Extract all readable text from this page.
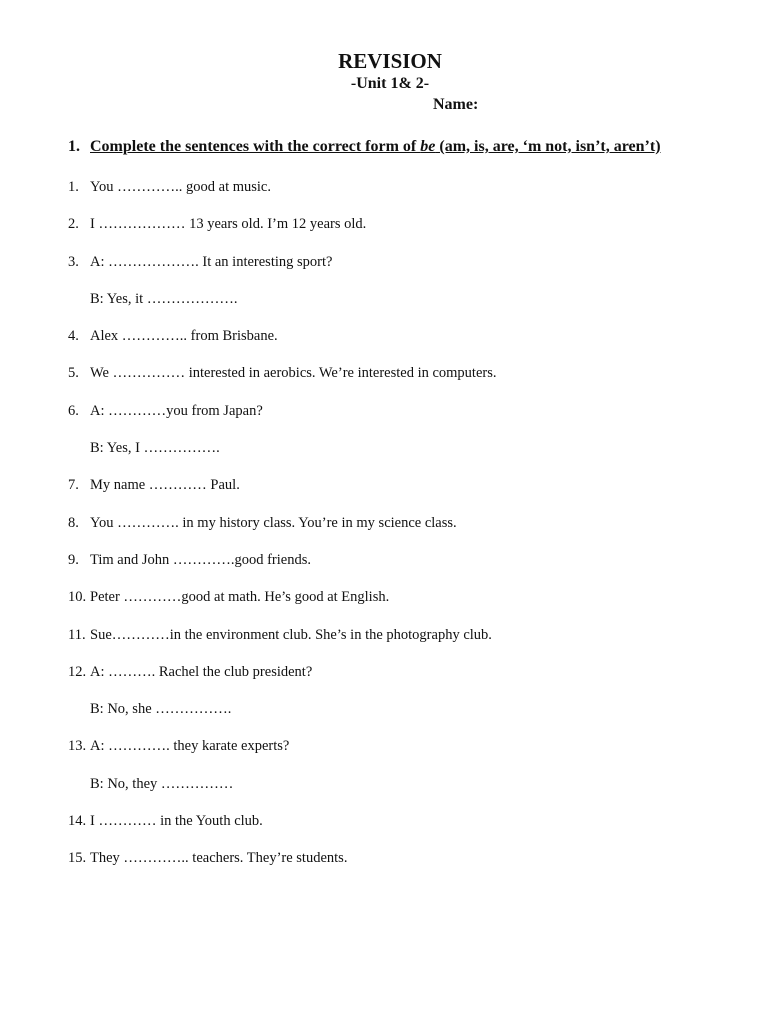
REVISION
-Unit 1& 2-
Name:
1. Complete the sentences with the correct form of be (am, is, are, ‘m not, isn’t, aren’t)
1. You ………….. good at music.
2. I ……………… 13 years old. I’m 12 years old.
3. A: ………………. It an interesting sport?
B: Yes, it ……………….
4. Alex ………….. from Brisbane.
5. We …………… interested in aerobics. We’re interested in computers.
6. A: …………you from Japan?
B: Yes, I …………….
7. My name ………… Paul.
8. You …………. in my history class. You’re in my science class.
9. Tim and John ………….good friends.
10. Peter …………good at math. He’s good at English.
11. Sue…………in the environment club. She’s in the photography club.
12. A: ………. Rachel the club president?
B: No, she …………….
13. A: …………. they karate experts?
B: No, they ……………
14. I ………… in the Youth club.
15. They ………….. teachers. They’re students.
